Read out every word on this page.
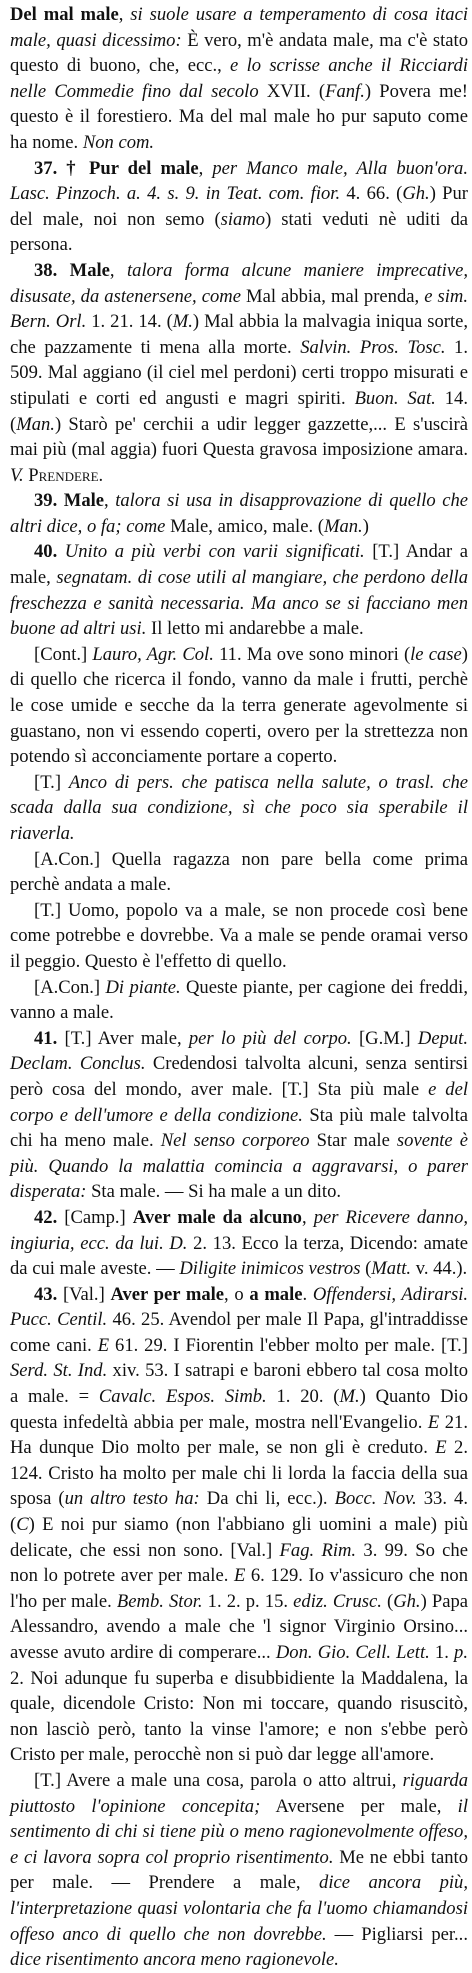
Del mal male, si suole usare a temperamento di cosa itaci male, quasi dicessimo: È vero, m'è andata male, ma c'è stato questo di buono, che, ecc., e lo scrisse anche il Ricciardi nelle Commedie fino dal secolo XVII. (Fanf.) Povera me! questo è il forestiero. Ma del mal male ho pur saputo come ha nome. Non com.

37. † Pur del male, per Manco male, Alla buon'ora. Lasc. Pinzoch. a. 4. s. 9. in Teat. com. fior. 4. 66. (Gh.) Pur del male, noi non semo (siamo) stati veduti nè uditi da persona.

38. Male, talora forma alcune maniere imprecative, disusate, da astenersene, come Mal abbia, mal prenda, e sim. Bern. Orl. 1. 21. 14. (M.) Mal abbia la malvagia iniqua sorte, che pazzamente ti mena alla morte. Salvin. Pros. Tosc. 1. 509. Mal aggiano (il ciel mel perdoni) certi troppo misurati e stipulati e corti ed angusti e magri spiriti. Buon. Sat. 14. (Man.) Starò pe' cerchii a udir legger gazzette,... E s'uscirà mai più (mal aggia) fuori Questa gravosa imposizione amara. V. Prendere.

39. Male, talora si usa in disapprovazione di quello che altri dice, o fa; come Male, amico, male. (Man.)

40. Unito a più verbi con varii significati. [T.] Andar a male, segnatam. di cose utili al mangiare, che perdono della freschezza e sanità necessaria. Ma anco se si facciano men buone ad altri usi. Il letto mi andarebbe a male.

[Cont.] Lauro, Agr. Col. 11. Ma ove sono minori (le case) di quello che ricerca il fondo, vanno da male i frutti, perchè le cose umide e secche da la terra generate agevolmente si guastano, non vi essendo coperti, overo per la strettezza non potendo sì acconciamente portare a coperto.

[T.] Anco di pers. che patisca nella salute, o trasl. che scada dalla sua condizione, sì che poco sia sperabile il riaverla.

[A.Con.] Quella ragazza non pare bella come prima perchè andata a male.

[T.] Uomo, popolo va a male, se non procede così bene come potrebbe e dovrebbe. Va a male se pende oramai verso il peggio. Questo è l'effetto di quello.

[A.Con.] Di piante. Queste piante, per cagione dei freddi, vanno a male.

41. [T.] Aver male, per lo più del corpo. [G.M.] Deput. Declam. Conclus. Credendosi talvolta alcuni, senza sentirsi però cosa del mondo, aver male. [T.] Sta più male e del corpo e dell'umore e della condizione. Sta più male talvolta chi ha meno male. Nel senso corporeo Star male sovente è più. Quando la malattia comincia a aggravarsi, o parer disperata: Sta male. — Si ha male a un dito.

42. [Camp.] Aver male da alcuno, per Ricevere danno, ingiuria, ecc. da lui. D. 2. 13. Ecco la terza, Dicendo: amate da cui male aveste. — Diligite inimicos vestros (Matt. v. 44.).

43. [Val.] Aver per male, o a male. Offendersi, Adirarsi. Pucc. Centil. 46. 25. Avendol per male Il Papa, gl'intraddisse come cani. E 61. 29. I Fiorentin l'ebber molto per male. [T.] Serd. St. Ind. xiv. 53. I satrapi e baroni ebbero tal cosa molto a male. = Cavalc. Espos. Simb. 1. 20. (M.) Quanto Dio questa infedeltà abbia per male, mostra nell'Evangelio. E 21. Ha dunque Dio molto per male, se non gli è creduto. E 2. 124. Cristo ha molto per male chi li lorda la faccia della sua sposa (un altro testo ha: Da chi li, ecc.). Bocc. Nov. 33. 4. (C) E noi pur siamo (non l'abbiano gli uomini a male) più delicate, che essi non sono. [Val.] Fag. Rim. 3. 99. So che non lo potrete aver per male. E 6. 129. Io v'assicuro che non l'ho per male. Bemb. Stor. 1. 2. p. 15. ediz. Crusc. (Gh.) Papa Alessandro, avendo a male che 'l signor Virginio Orsino... avesse avuto ardire di comperare... Don. Gio. Cell. Lett. 1. p. 2. Noi adunque fu superba e disubbidiente la Maddalena, la quale, dicendole Cristo: Non mi toccare, quando risuscitò, non lasciò però, tanto la vinse l'amore; e non s'ebbe però Cristo per male, perocchè non si può dar legge all'amore.

[T.] Avere a male una cosa, parola o atto altrui, riguarda piuttosto l'opinione concepita; Aversene per male, il sentimento di chi si tiene più o meno ragionevolmente offeso, e ci lavora sopra col proprio risentimento. Me ne ebbi tanto per male. — Prendere a male, dice ancora più, l'interpretazione quasi volontaria che fa l'uomo chiamandosi offeso anco di quello che non dovrebbe. — Pigliarsi per... dice risentimento ancora meno ragionevole.
